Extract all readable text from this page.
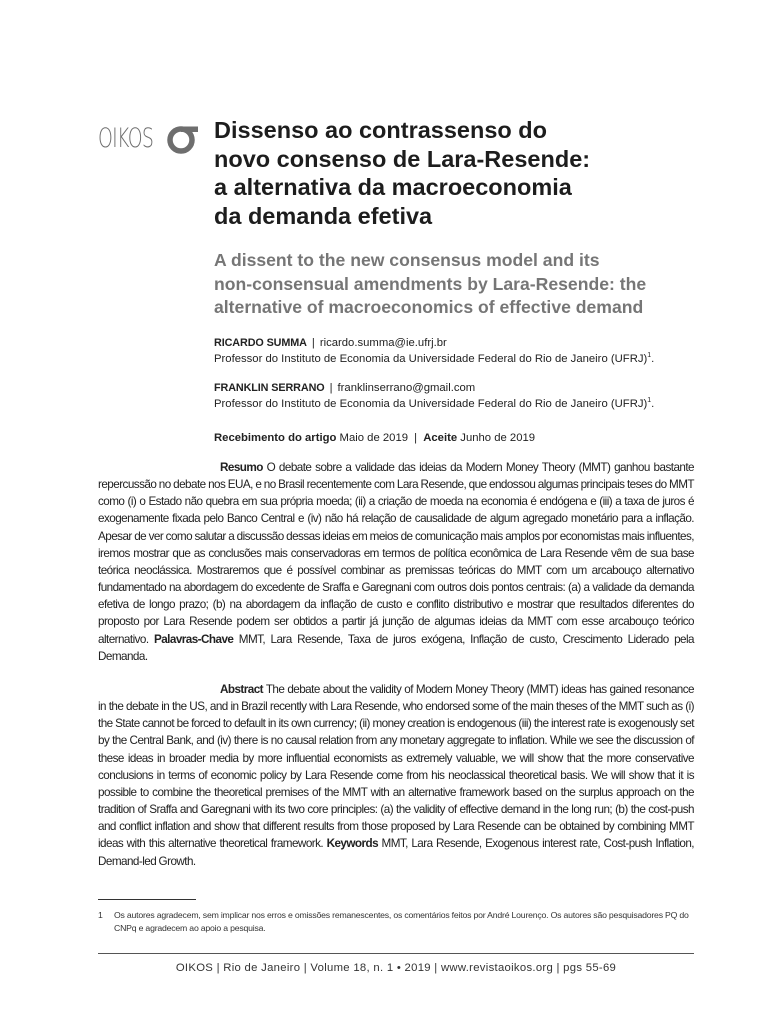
OIKOS	Dissenso ao contrassenso do
novo consenso de Lara-Resende:
a alternativa da macroeconomia
da demanda efetiva
A dissent to the new consensus model and its
non-consensual amendments by Lara-Resende: the
alternative of macroeconomics of effective demand
RICARDO SUMMA | ricardo.summa@ie.ufrj.br
Professor do Instituto de Economia da Universidade Federal do Rio de Janeiro (UFRJ)$^1$.
FRANKLIN SERRANO | franklinserrano@gmail.com
Professor do Instituto de Economia da Universidade Federal do Rio de Janeiro (UFRJ)$^1$.
Recebimento do artigo Maio de 2019 | Aceite Junho de 2019
Resumo O debate sobre a validade das ideias da Modern Money Theory (MMT) ganhou bastante repercussão no debate nos EUA, e no Brasil recentemente com Lara Resende, que endossou algumas principais teses do MMT como (i) o Estado não quebra em sua própria moeda; (ii) a criação de moeda na economia é endógena e (iii) a taxa de juros é exogenamente fixada pelo Banco Central e (iv) não há relação de causalidade de algum agregado monetário para a inflação. Apesar de ver como salutar a discussão dessas ideias em meios de comunicação mais amplos por economistas mais influentes, iremos mostrar que as conclusões mais conservadoras em termos de política econômica de Lara Resende vêm de sua base teórica neoclássica. Mostraremos que é possível combinar as premissas teóricas do MMT com um arcabouço alternativo fundamentado na abordagem do excedente de Sraffa e Garegnani com outros dois pontos centrais: (a) a validade da demanda efetiva de longo prazo; (b) na abordagem da inflação de custo e conflito distributivo e mostrar que resultados diferentes do proposto por Lara Resende podem ser obtidos a partir já junção de algumas ideias da MMT com esse arcabouço teórico alternativo. Palavras-Chave MMT, Lara Resende, Taxa de juros exógena, Inflação de custo, Crescimento Liderado pela Demanda.
Abstract The debate about the validity of Modern Money Theory (MMT) ideas has gained resonance in the debate in the US, and in Brazil recently with Lara Resende, who endorsed some of the main theses of the MMT such as (i) the State cannot be forced to default in its own currency; (ii) money creation is endogenous (iii) the interest rate is exogenously set by the Central Bank, and (iv) there is no causal relation from any monetary aggregate to inflation. While we see the discussion of these ideas in broader media by more influential economists as extremely valuable, we will show that the more conservative conclusions in terms of economic policy by Lara Resende come from his neoclassical theoretical basis. We will show that it is possible to combine the theoretical premises of the MMT with an alternative framework based on the surplus approach on the tradition of Sraffa and Garegnani with its two core principles: (a) the validity of effective demand in the long run; (b) the cost-push and conflict inflation and show that different results from those proposed by Lara Resende can be obtained by combining MMT ideas with this alternative theoretical framework. Keywords MMT, Lara Resende, Exogenous interest rate, Cost-push Inflation, Demand-led Growth.
1	Os autores agradecem, sem implicar nos erros e omissões remanescentes, os comentários feitos por André Lourenço. Os autores são pesquisadores PQ do CNPq e agradecem ao apoio a pesquisa.
OIKOS | Rio de Janeiro | Volume 18, n. 1 • 2019 | www.revistaoikos.org | pgs 55-69
